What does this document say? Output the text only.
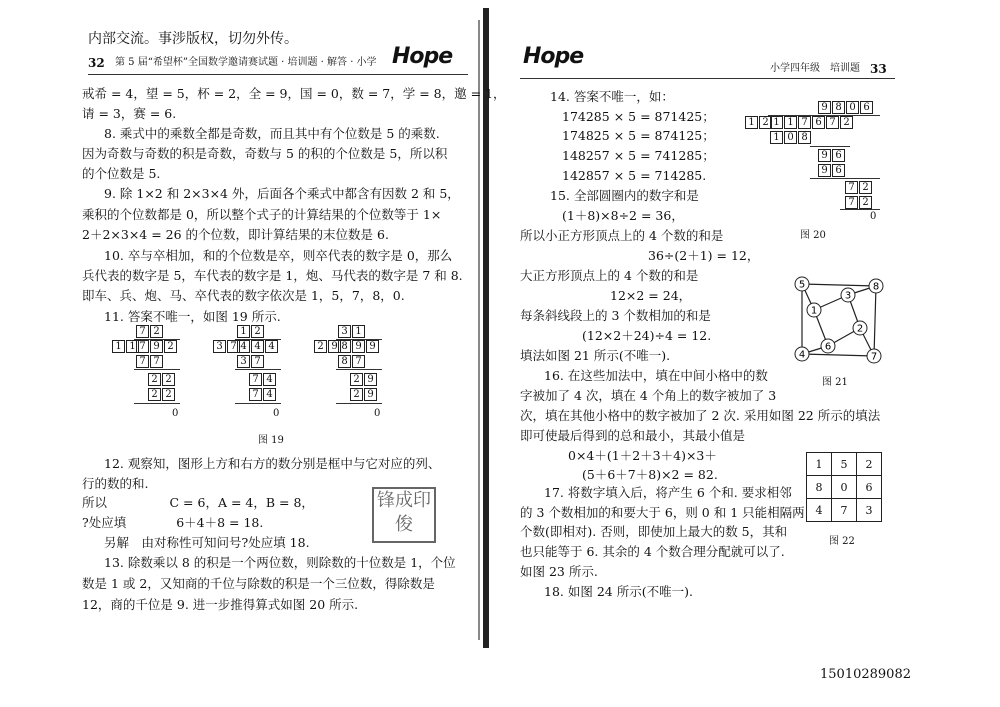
内部交流。事涉版权，切勿外传。
32 第 5 届“希望杯”全国数学邀请赛试题 · 培训题 · 解答 · 小学 Hope
戒希 = 4，望 = 5，杯 = 2，全 = 9，国 = 0，数 = 7，学 = 8，邀 = 1，
请 = 3，赛 = 6.
8. 乘式中的乘数全都是奇数，而且其中有个位数是 5 的乘数.
因为奇数与奇数的积是奇数，奇数与 5 的积的个位数是 5，所以积
的个位数是 5.
9. 除 1×2 和 2×3×4 外，后面各个乘式中都含有因数 2 和 5，
乘积的个位数都是 0，所以整个式子的计算结果的个位数等于 1×
2＋2×3×4 = 26 的个位数，即计算结果的末位数是 6.
10. 卒与卒相加，和的个位数是卒，则卒代表的数字是 0，那么
兵代表的数字是 5，车代表的数字是 1，炮、马代表的数字是 7 和 8.
即车、兵、炮、马、卒代表的数字依次是 1，5，7，8，0.
11. 答案不唯一，如图 19 所示.
12. 观察知，图形上方和右方的数分别是框中与它对应的列、
行的数的和.
所以　　　　　C = 6，A = 4，B = 8，
?处应填　　　　6＋4＋8 = 18.
另解　由对称性可知问号?处应填 18.
13. 除数乘以 8 的积是一个两位数，则除数的十位数是 1，个位
数是 1 或 2，又知商的千位与除数的积是一个三位数，得除数是
12，商的千位是 9. 进一步推得算式如图 20 所示.
7 2
1 1 7 9 2
7 7
2 2
2 2
0
1 2
3 7 4 4 4
3 7
7 4
7 4
0
3 1
2 9 8 9 9
8 7
2 9
2 9
0
图 19
锋成印俊
Hope	小学四年级　培训题 33
14. 答案不唯一，如：
174285 × 5 = 871425；
174825 × 5 = 874125；
148257 × 5 = 741285；
142857 × 5 = 714285.
15. 全部圆圈内的数字和是
(1＋8)×8÷2 = 36，
所以小正方形顶点上的 4 个数的和是
36÷(2＋1) = 12，
大正方形顶点上的 4 个数的和是
12×2 = 24，
每条斜线段上的 3 个数相加的和是
(12×2＋24)÷4 = 12.
填法如图 21 所示(不唯一).
16. 在这些加法中，填在中间小格中的数
字被加了 4 次，填在 4 个角上的数字被加了 3
次，填在其他小格中的数字被加了 2 次. 采用如图 22 所示的填法
即可使最后得到的总和最小，其最小值是
0×4＋(1＋2＋3＋4)×3＋
(5＋6＋7＋8)×2 = 82.
17. 将数字填入后，将产生 6 个和. 要求相邻
的 3 个数相加的和要大于 6，则 0 和 1 只能相隔两
个数(即相对). 否则，即使加上最大的数 5，其和
也只能等于 6. 其余的 4 个数合理分配就可以了.
如图 23 所示.
18. 如图 24 所示(不唯一).
9 8 0 6
1 2 1 1 7 6 7 2
1 0 8
9 6
9 6
7 2
7 2
0
图 20
5	8
3
1
2
6
4	7
图 21
1	5	2
8	0	6
4	7	3
图 22
15010289082
